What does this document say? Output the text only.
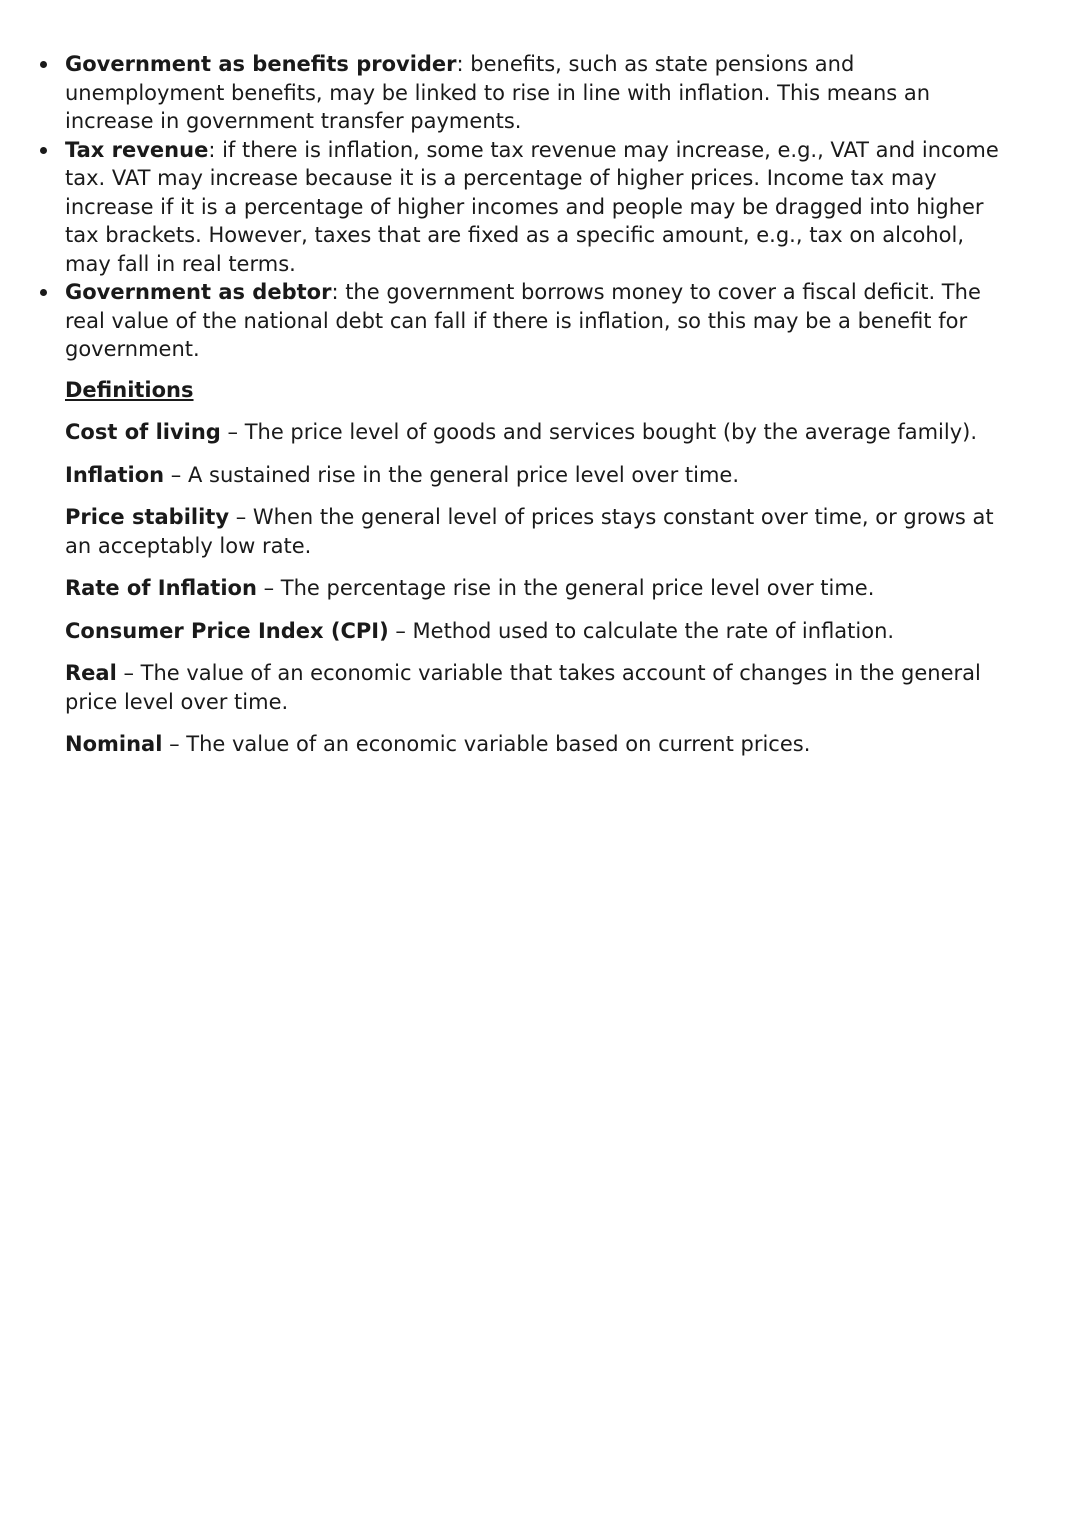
Government as benefits provider: benefits, such as state pensions and unemployment benefits, may be linked to rise in line with inflation. This means an increase in government transfer payments.
Tax revenue: if there is inflation, some tax revenue may increase, e.g., VAT and income tax. VAT may increase because it is a percentage of higher prices. Income tax may increase if it is a percentage of higher incomes and people may be dragged into higher tax brackets. However, taxes that are fixed as a specific amount, e.g., tax on alcohol, may fall in real terms.
Government as debtor: the government borrows money to cover a fiscal deficit. The real value of the national debt can fall if there is inflation, so this may be a benefit for government.
Definitions

Cost of living – The price level of goods and services bought (by the average family).

Inflation – A sustained rise in the general price level over time.

Price stability – When the general level of prices stays constant over time, or grows at an acceptably low rate.

Rate of Inflation – The percentage rise in the general price level over time.

Consumer Price Index (CPI) – Method used to calculate the rate of inflation.

Real – The value of an economic variable that takes account of changes in the general price level over time.

Nominal – The value of an economic variable based on current prices.
